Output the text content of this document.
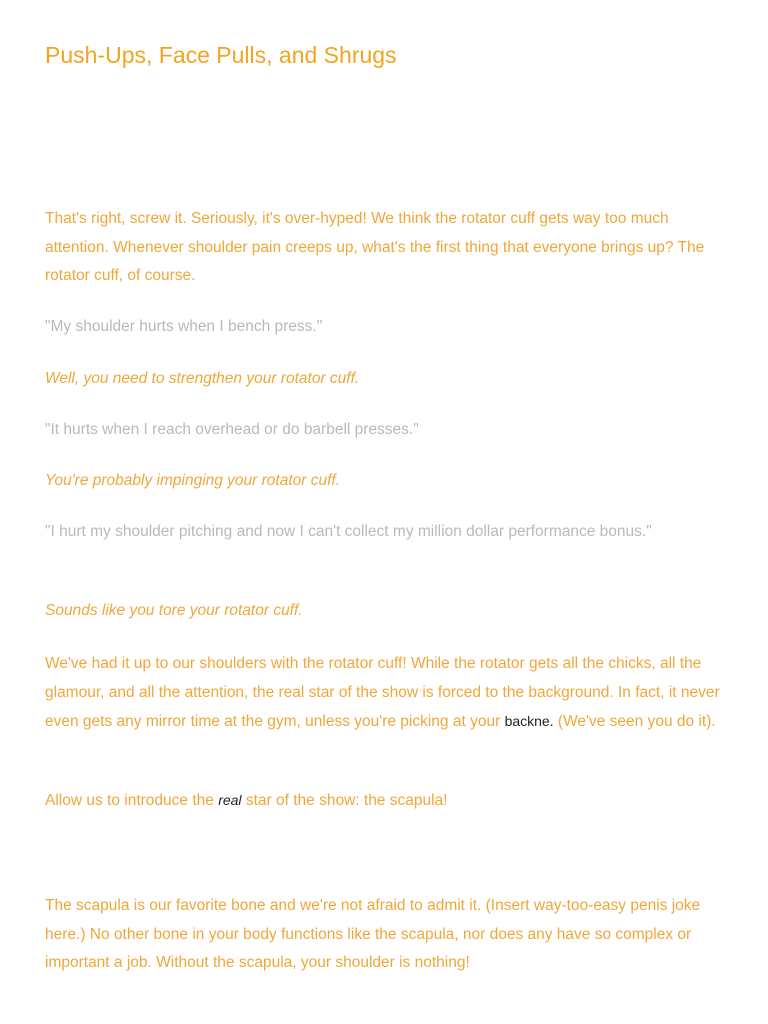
Push-Ups, Face Pulls, and Shrugs

That's right, screw it. Seriously, it's over-hyped! We think the rotator cuff gets way too much attention. Whenever shoulder pain creeps up, what's the first thing that everyone brings up? The rotator cuff, of course.

"My shoulder hurts when I bench press."

Well, you need to strengthen your rotator cuff.

"It hurts when I reach overhead or do barbell presses."

You're probably impinging your rotator cuff.

"I hurt my shoulder pitching and now I can't collect my million dollar performance bonus."

Sounds like you tore your rotator cuff.

We've had it up to our shoulders with the rotator cuff! While the rotator gets all the chicks, all the glamour, and all the attention, the real star of the show is forced to the background. In fact, it never even gets any mirror time at the gym, unless you're picking at your backne. (We've seen you do it).

Allow us to introduce the real star of the show: the scapula!

The scapula is our favorite bone and we're not afraid to admit it. (Insert way-too-easy penis joke here.) No other bone in your body functions like the scapula, nor does any have so complex or important a job. Without the scapula, your shoulder is nothing!
